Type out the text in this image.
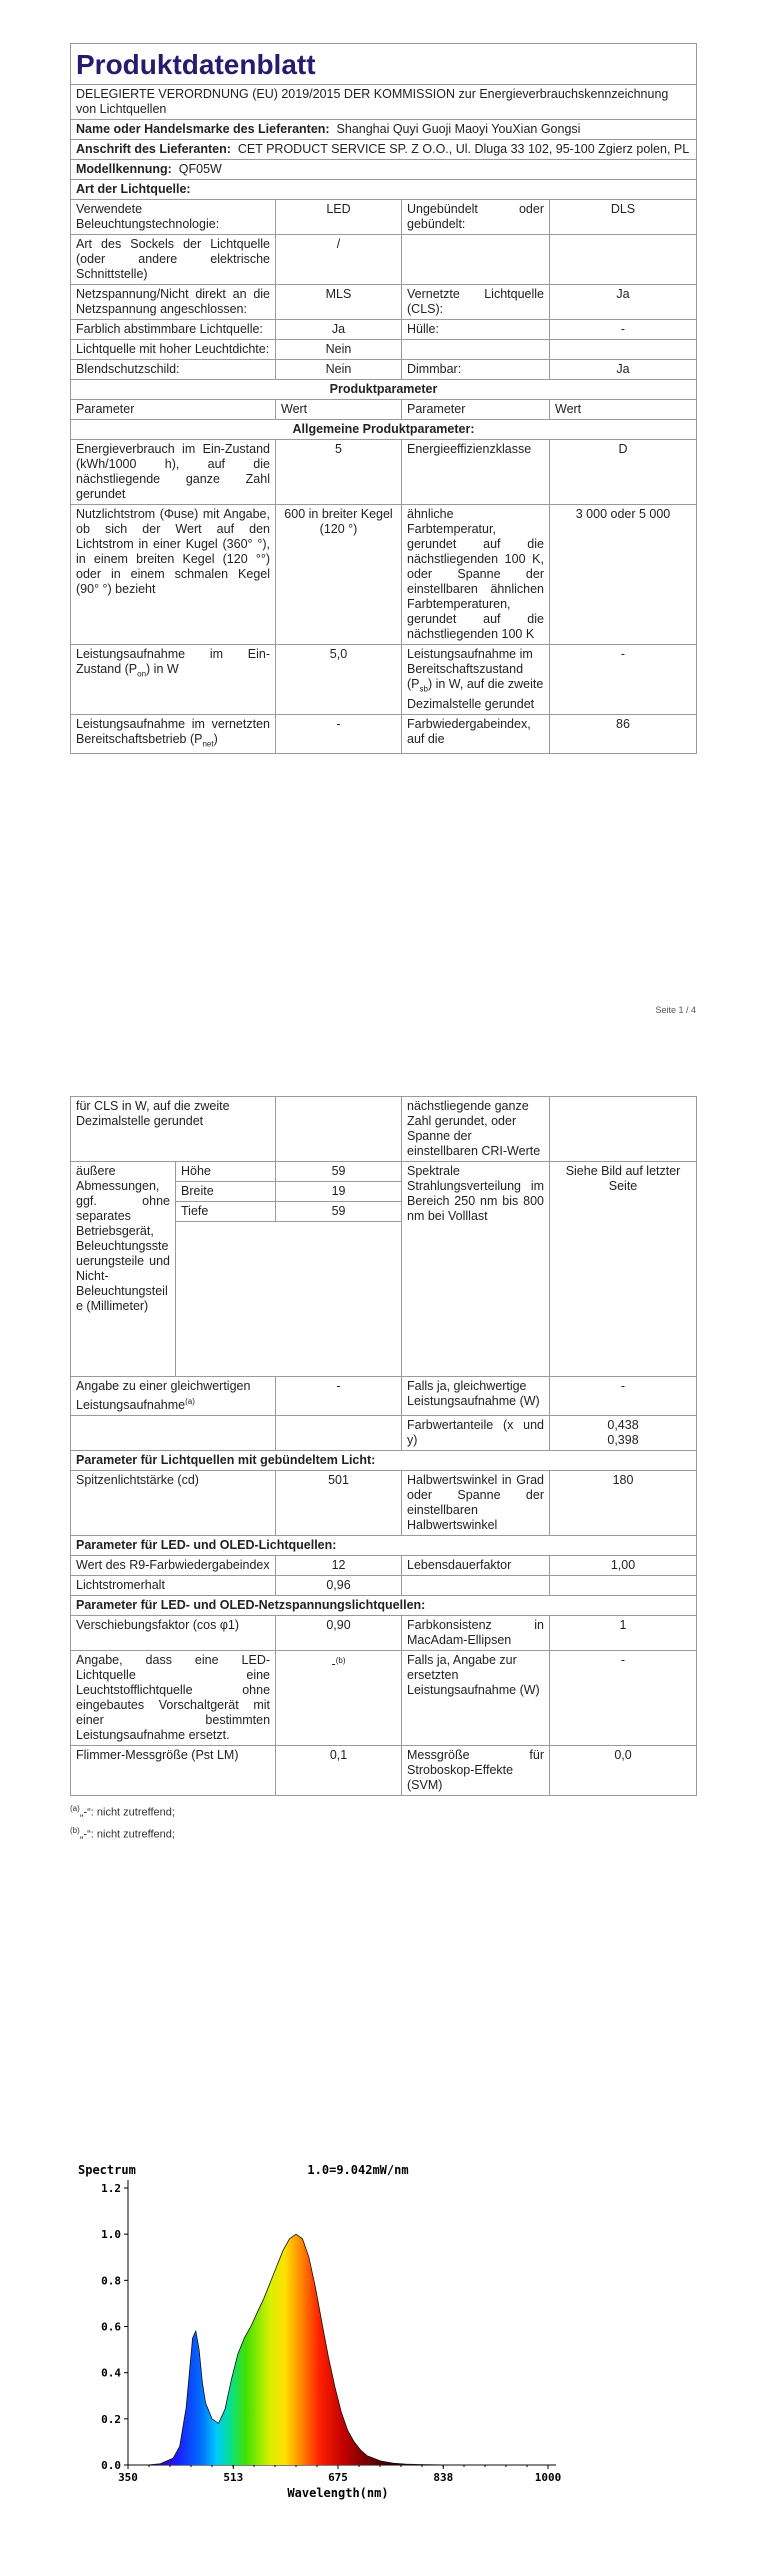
Produktdatenblatt			
DELEGIERTE VERORDNUNG (EU) 2019/2015 DER KOMMISSION zur Energieverbrauchskennzeichnung von Lichtquellen			
Name oder Handelsmarke des Lieferanten: Shanghai Quyi Guoji Maoyi YouXian Gongsi			
Anschrift des Lieferanten: CET PRODUCT SERVICE SP. Z O.O., Ul. Dluga 33 102, 95-100 Zgierz polen, PL			
Modellkennung: QF05W			
Art der Lichtquelle:			
Verwendete Beleuchtungstechnologie:	LED	Ungebündelt oder gebündelt:	DLS
Art des Sockels der Lichtquelle (oder andere elektrische Schnittstelle)	/		
Netzspannung/Nicht direkt an die Netzspannung angeschlossen:	MLS	Vernetzte Lichtquelle (CLS):	Ja
Farblich abstimmbare Lichtquelle:	Ja	Hülle:	-
Lichtquelle mit hoher Leuchtdichte:	Nein		
Blendschutzschild:	Nein	Dimmbar:	Ja
Produktparameter			
Parameter	Wert	Parameter	Wert
Allgemeine Produktparameter:			
Energieverbrauch im Ein-Zustand (kWh/1000 h), auf die nächstliegende ganze Zahl gerundet	5	Energieeffizienzklasse	D
Nutzlichtstrom (Φuse) mit Angabe, ob sich der Wert auf den Lichtstrom in einer Kugel (360° °), in einem breiten Kegel (120 °°) oder in einem schmalen Kegel (90° °) bezieht	600 in breiter Kegel (120 °)	ähnliche Farbtemperatur, gerundet auf die nächstliegenden 100 K, oder Spanne der einstellbaren ähnlichen Farbtemperaturen, gerundet auf die nächstliegenden 100 K	3 000 oder 5 000
Leistungsaufnahme im Ein-Zustand $(P_{on})$ in W	5,0	Leistungsaufnahme im Bereitschaftszustand $(P_{sb})$ in W, auf die zweite Dezimalstelle gerundet	-
Leistungsaufnahme im vernetzten Bereitschaftsbetrieb $(P_{net})$	-	Farbwiedergabeindex, auf die	86
Seite 1 / 4
für CLS in W, auf die zweite Dezimalstelle gerundet			nächstliegende ganze Zahl gerundet, oder Spanne der einstellbaren CRI-Werte	
äußere Abmessungen, ggf. ohne separates Betriebsgerät, Beleuchtungssteuerungsteile und Nicht-Beleuchtungsteile (Millimeter)	Höhe	59	Spektrale Strahlungsverteilung im Bereich 250 nm bis 800 nm bei Volllast	Siehe Bild auf letzter Seite
	Breite	19		
	Tiefe	59		

Angabe zu einer gleichwertigen Leistungsaufnahme$^{(a)}$		-	Falls ja, gleichwertige Leistungsaufnahme (W)	-
			Farbwertanteile (x und y)	0,438
0,398
Parameter für Lichtquellen mit gebündeltem Licht:				
Spitzenlichtstärke (cd)		501	Halbwertswinkel in Grad oder Spanne der einstellbaren Halbwertswinkel	180
Parameter für LED- und OLED-Lichtquellen:				
Wert des R9-Farbwiedergabeindex		12	Lebensdauerfaktor	1,00
Lichtstromerhalt		0,96		
Parameter für LED- und OLED-Netzspannungslichtquellen:				
Verschiebungsfaktor (cos φ1)		0,90	Farbkonsistenz in MacAdam-Ellipsen	1
Angabe, dass eine LED-Lichtquelle eine Leuchtstofflichtquelle ohne eingebautes Vorschaltgerät mit einer bestimmten Leistungsaufnahme ersetzt.		-$^{(b)}$	Falls ja, Angabe zur ersetzten Leistungsaufnahme (W)	-
Flimmer-Messgröße (Pst LM)		0,1	Messgröße für Stroboskop-Effekte (SVM)	0,0
$^{(a)}$„-“: nicht zutreffend;
$^{(b)}$„-“: nicht zutreffend;
0.0
0.2
0.4
0.6
0.8
1.0
1.2
350	513	675	838	1000
Spectrum	1.0=9.042mW/nm
Wavelength(nm)
